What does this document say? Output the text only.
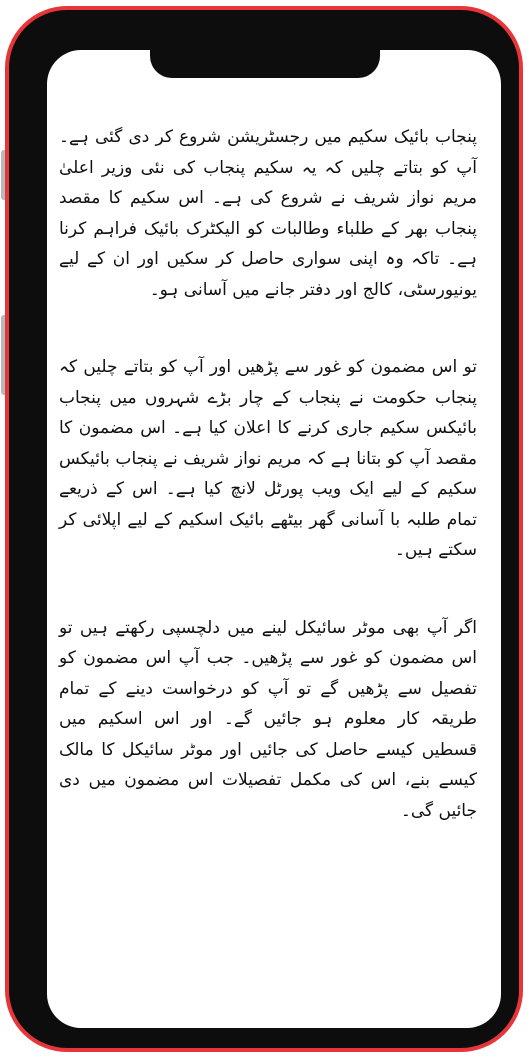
پنجاب بائیک سکیم میں رجسٹریشن شروع کر دی گئی ہے۔ آپ کو بتاتے چلیں کہ یہ سکیم پنجاب کی نئی وزیر اعلیٰ مریم نواز شریف نے شروع کی ہے۔ اس سکیم کا مقصد پنجاب بھر کے طلباء وطالبات کو الیکٹرک بائیک فراہم کرنا ہے۔ تاکہ وہ اپنی سواری حاصل کر سکیں اور ان کے لیے یونیورسٹی، کالج اور دفتر جانے میں آسانی ہو۔

تو اس مضمون کو غور سے پڑھیں اور آپ کو بتاتے چلیں کہ پنجاب حکومت نے پنجاب کے چار بڑے شہروں میں پنجاب بائیکس سکیم جاری کرنے کا اعلان کیا ہے۔ اس مضمون کا مقصد آپ کو بتانا ہے کہ مریم نواز شریف نے پنجاب بائیکس سکیم کے لیے ایک ویب پورٹل لانچ کیا ہے۔ اس کے ذریعے تمام طلبہ با آسانی گھر بیٹھے بائیک اسکیم کے لیے اپلائی کر سکتے ہیں۔

اگر آپ بھی موٹر سائیکل لینے میں دلچسپی رکھتے ہیں تو اس مضمون کو غور سے پڑھیں۔ جب آپ اس مضمون کو تفصیل سے پڑھیں گے تو آپ کو درخواست دینے کے تمام طریقہ کار معلوم ہو جائیں گے۔ اور اس اسکیم میں قسطیں کیسے حاصل کی جائیں اور موٹر سائیکل کا مالک کیسے بنے، اس کی مکمل تفصیلات اس مضمون میں دی جائیں گی۔
